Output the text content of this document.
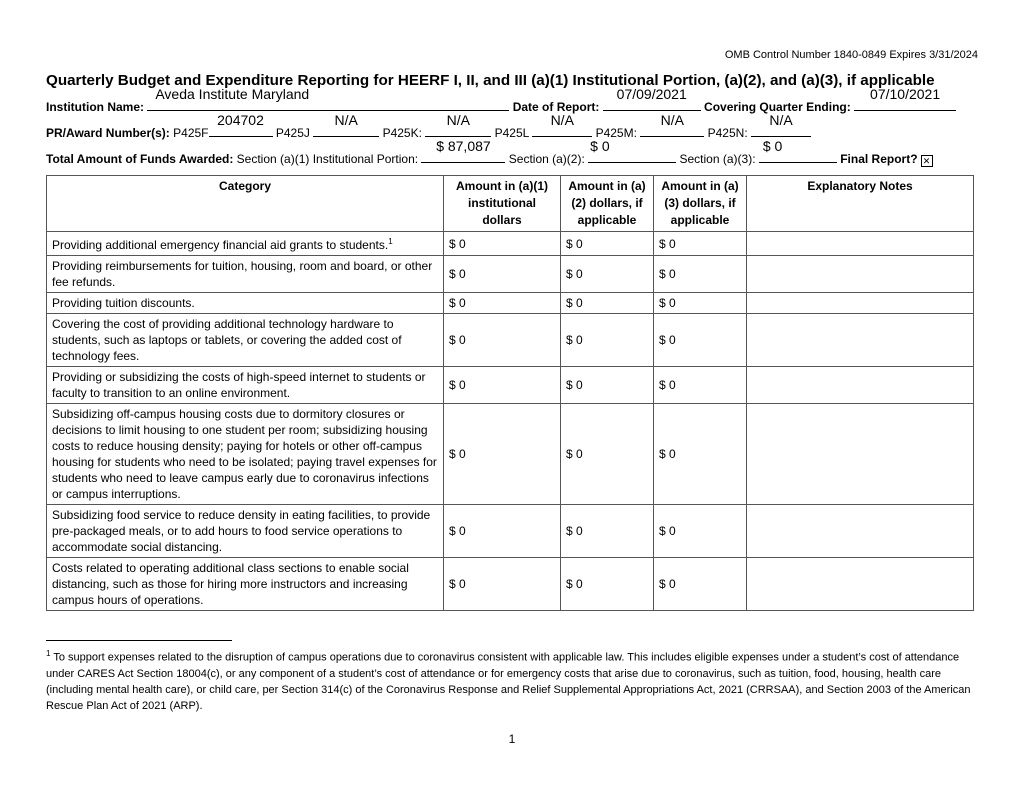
OMB Control Number 1840-0849 Expires 3/31/2024
Quarterly Budget and Expenditure Reporting for HEERF I, II, and III (a)(1) Institutional Portion, (a)(2), and (a)(3), if applicable
Institution Name:
Aveda Institute Maryland
Date of Report:
07/09/2021
Covering Quarter Ending:
07/10/2021
PR/Award Number(s): P425F
204702
P425J
N/A
P425K:
N/A
P425L
N/A
P425M:
N/A
P425N:
N/A
Total Amount of Funds Awarded: Section (a)(1) Institutional Portion:
$ 87,087
Section (a)(2):
$ 0
Section (a)(3):
$ 0
Final Report? ✕
Category	Amount in (a)(1) institutional dollars	Amount in (a)(2) dollars, if applicable	Amount in (a)(3) dollars, if applicable	Explanatory Notes
Providing additional emergency financial aid grants to students.$^1$	$ 0	$ 0	$ 0	
Providing reimbursements for tuition, housing, room and board, or other fee refunds.	$ 0	$ 0	$ 0	
Providing tuition discounts.	$ 0	$ 0	$ 0	
Covering the cost of providing additional technology hardware to students, such as laptops or tablets, or covering the added cost of technology fees.	$ 0	$ 0	$ 0	
Providing or subsidizing the costs of high-speed internet to students or faculty to transition to an online environment.	$ 0	$ 0	$ 0	
Subsidizing off-campus housing costs due to dormitory closures or decisions to limit housing to one student per room; subsidizing housing costs to reduce housing density; paying for hotels or other off-campus housing for students who need to be isolated; paying travel expenses for students who need to leave campus early due to coronavirus infections or campus interruptions.	$ 0	$ 0	$ 0	
Subsidizing food service to reduce density in eating facilities, to provide pre-packaged meals, or to add hours to food service operations to accommodate social distancing.	$ 0	$ 0	$ 0	
Costs related to operating additional class sections to enable social distancing, such as those for hiring more instructors and increasing campus hours of operations.	$ 0	$ 0	$ 0	
$^1$ To support expenses related to the disruption of campus operations due to coronavirus consistent with applicable law. This includes eligible expenses under a student’s cost of attendance under CARES Act Section 18004(c), or any component of a student’s cost of attendance or for emergency costs that arise due to coronavirus, such as tuition, food, housing, health care (including mental health care), or child care, per Section 314(c) of the Coronavirus Response and Relief Supplemental Appropriations Act, 2021 (CRRSAA), and Section 2003 of the American Rescue Plan Act of 2021 (ARP).
1
